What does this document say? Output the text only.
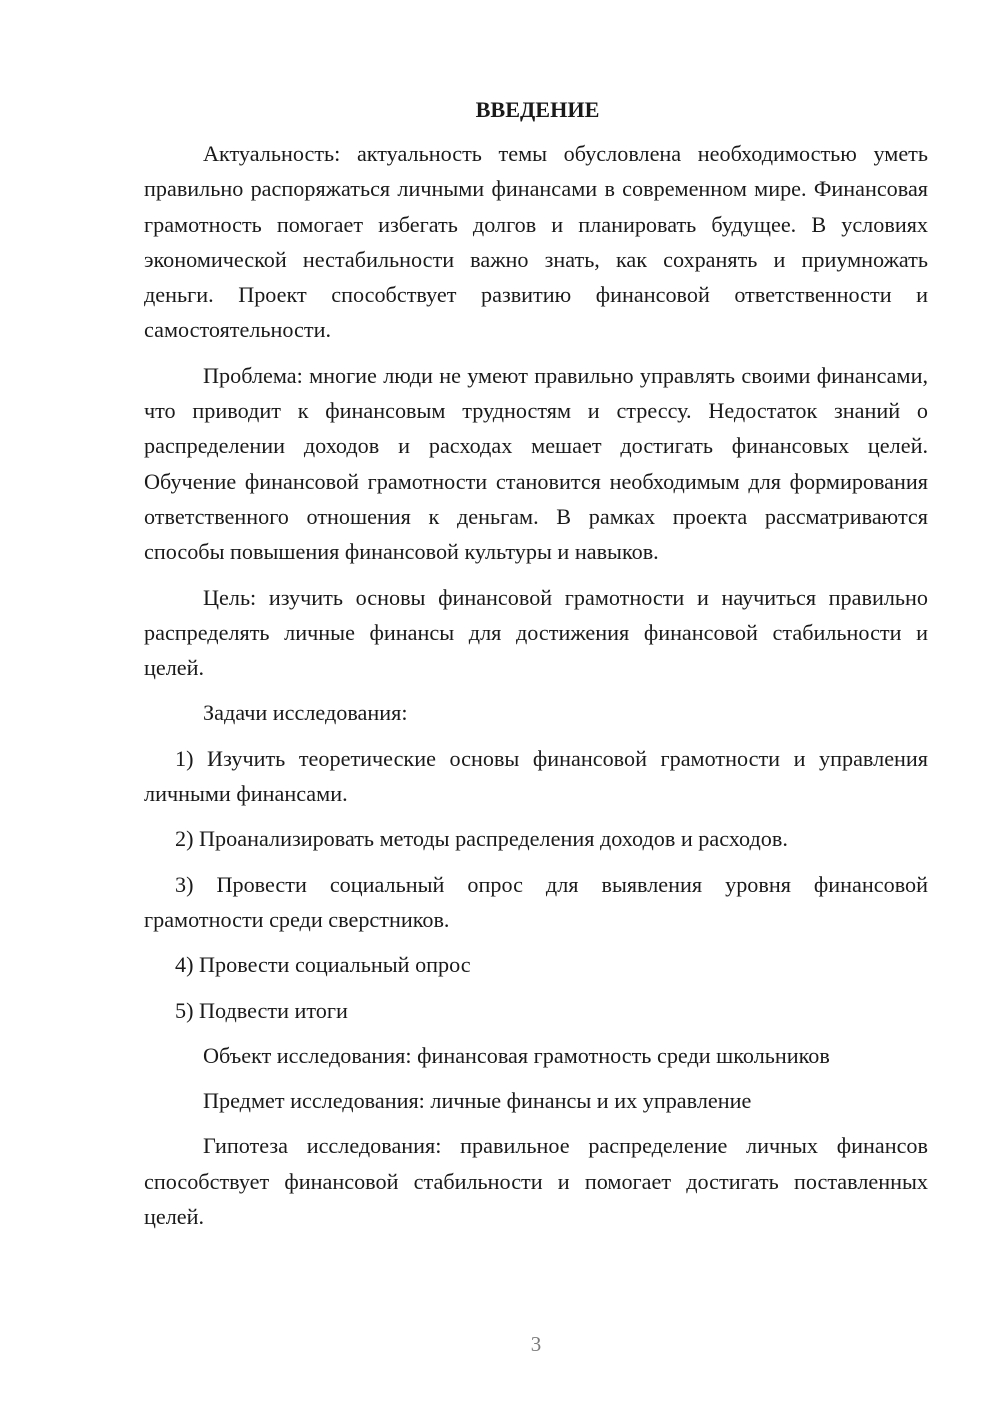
ВВЕДЕНИЕ

Актуальность: актуальность темы обусловлена необходимостью уметь правильно распоряжаться личными финансами в современном мире. Финансовая грамотность помогает избегать долгов и планировать будущее. В условиях экономической нестабильности важно знать, как сохранять и приумножать деньги. Проект способствует развитию финансовой ответственности и самостоятельности.

Проблема: многие люди не умеют правильно управлять своими финансами, что приводит к финансовым трудностям и стрессу. Недостаток знаний о распределении доходов и расходах мешает достигать финансовых целей. Обучение финансовой грамотности становится необходимым для формирования ответственного отношения к деньгам. В рамках проекта рассматриваются способы повышения финансовой культуры и навыков.

Цель: изучить основы финансовой грамотности и научиться правильно распределять личные финансы для достижения финансовой стабильности и целей.

Задачи исследования:

1) Изучить теоретические основы финансовой грамотности и управления личными финансами.

2) Проанализировать методы распределения доходов и расходов.

3) Провести социальный опрос для выявления уровня финансовой грамотности среди сверстников.

4) Провести социальный опрос

5) Подвести итоги

Объект исследования: финансовая грамотность среди школьников

Предмет исследования: личные финансы и их управление

Гипотеза исследования: правильное распределение личных финансов способствует финансовой стабильности и помогает достигать поставленных целей.

3
